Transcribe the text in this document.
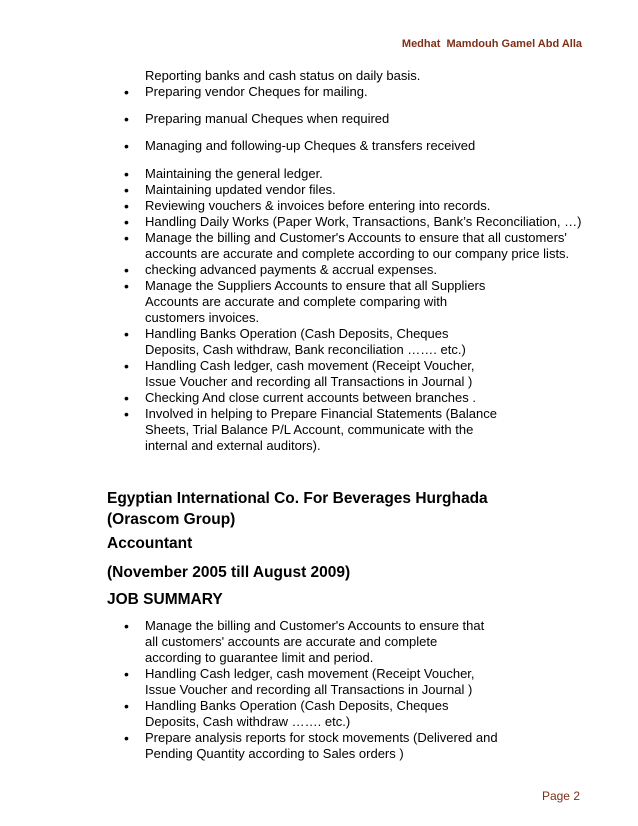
Medhat  Mamdouh Gamel Abd Alla
Reporting banks and cash status on daily basis.
• Preparing vendor Cheques for mailing.
• Preparing manual Cheques when required
• Managing and following-up Cheques & transfers received
• Maintaining the general ledger.
• Maintaining updated vendor files.
• Reviewing vouchers & invoices before entering into records.
• Handling Daily Works (Paper Work, Transactions, Bank’s Reconciliation, …)
• Manage the billing and Customer's Accounts to ensure that all customers' accounts are accurate and complete according to our company price lists.
• checking advanced payments & accrual expenses.
• Manage the Suppliers Accounts to ensure that all Suppliers Accounts are accurate and complete comparing with customers invoices.
• Handling Banks Operation (Cash Deposits, Cheques Deposits, Cash withdraw, Bank reconciliation ……. etc.)
• Handling Cash ledger, cash movement (Receipt Voucher, Issue Voucher and recording all Transactions in Journal )
• Checking And close current accounts between branches .
• Involved in helping to Prepare Financial Statements (Balance Sheets, Trial Balance P/L Account, communicate with the internal and external auditors).
Egyptian International Co. For Beverages Hurghada (Orascom Group)
Accountant
(November 2005 till August 2009)
JOB SUMMARY
• Manage the billing and Customer's Accounts to ensure that all customers' accounts are accurate and complete according to guarantee limit and period.
• Handling Cash ledger, cash movement (Receipt Voucher, Issue Voucher and recording all Transactions in Journal )
• Handling Banks Operation (Cash Deposits, Cheques Deposits, Cash withdraw ……. etc.)
• Prepare analysis reports for stock movements (Delivered and Pending Quantity according to Sales orders )
Page 2
